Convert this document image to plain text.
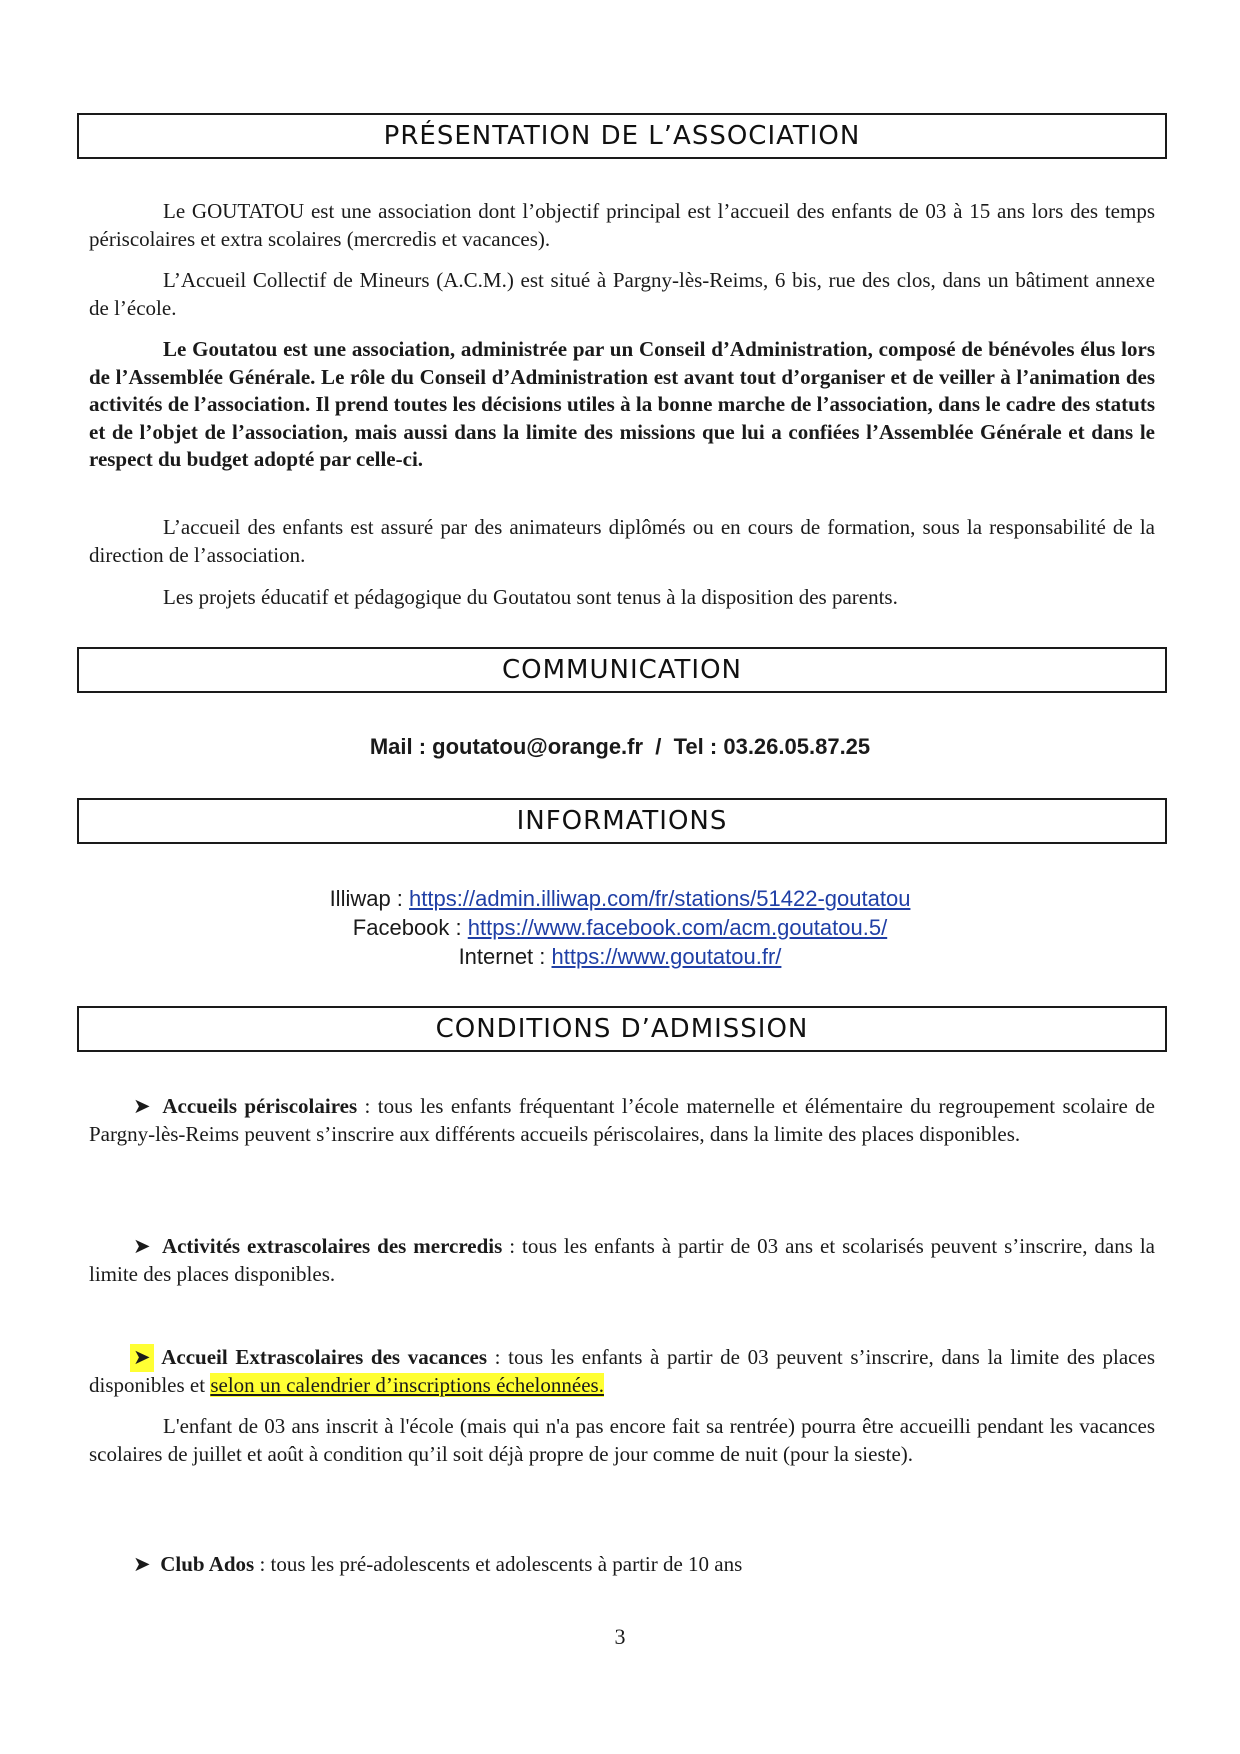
PRÉSENTATION DE L’ASSOCIATION

Le GOUTATOU est une association dont l’objectif principal est l’accueil des enfants de 03 à 15 ans lors des temps périscolaires et extra scolaires (mercredis et vacances).

L’Accueil Collectif de Mineurs (A.C.M.) est situé à Pargny-lès-Reims, 6 bis, rue des clos, dans un bâtiment annexe de l’école.

Le Goutatou est une association, administrée par un Conseil d’Administration, composé de bénévoles élus lors de l’Assemblée Générale. Le rôle du Conseil d’Administration est avant tout d’organiser et de veiller à l’animation des activités de l’association. Il prend toutes les décisions utiles à la bonne marche de l’association, dans le cadre des statuts et de l’objet de l’association, mais aussi dans la limite des missions que lui a confiées l’Assemblée Générale et dans le respect du budget adopté par celle-ci.

L’accueil des enfants est assuré par des animateurs diplômés ou en cours de formation, sous la responsabilité de la direction de l’association.

Les projets éducatif et pédagogique du Goutatou sont tenus à la disposition des parents.

COMMUNICATION
Mail : goutatou@orange.fr  /  Tel : 03.26.05.87.25
INFORMATIONS
Illiwap : https://admin.illiwap.com/fr/stations/51422-goutatou
Facebook : https://www.facebook.com/acm.goutatou.5/
Internet : https://www.goutatou.fr/
CONDITIONS D’ADMISSION

➤ Accueils périscolaires : tous les enfants fréquentant l’école maternelle et élémentaire du regroupement scolaire de Pargny-lès-Reims peuvent s’inscrire aux différents accueils périscolaires, dans la limite des places disponibles.

➤ Activités extrascolaires des mercredis : tous les enfants à partir de 03 ans et scolarisés peuvent s’inscrire, dans la limite des places disponibles.

➤ Accueil Extrascolaires des vacances : tous les enfants à partir de 03 peuvent s’inscrire, dans la limite des places disponibles et selon un calendrier d’inscriptions échelonnées.

L'enfant de 03 ans inscrit à l'école (mais qui n'a pas encore fait sa rentrée) pourra être accueilli pendant les vacances scolaires de juillet et août à condition qu’il soit déjà propre de jour comme de nuit (pour la sieste).

➤ Club Ados : tous les pré-adolescents et adolescents à partir de 10 ans

3
